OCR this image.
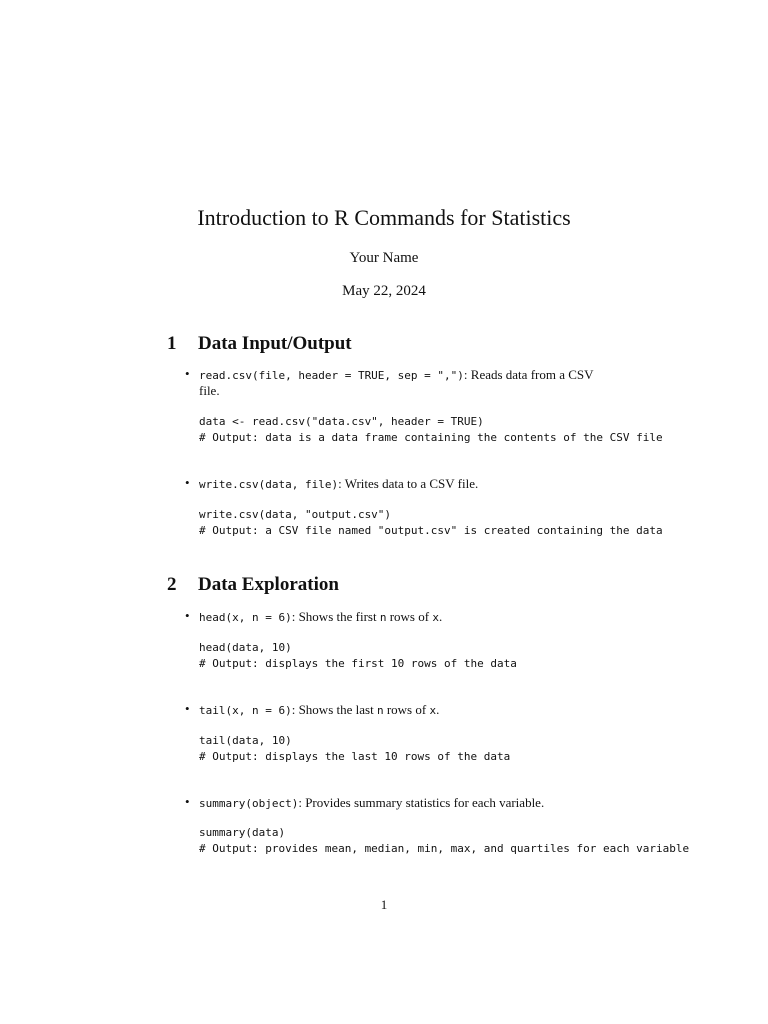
Introduction to R Commands for Statistics
Your Name
May 22, 2024
1 Data Input/Output
• read.csv(file, header = TRUE, sep = ","): Reads data from a CSV
file.
data <- read.csv("data.csv", header = TRUE)
# Output: data is a data frame containing the contents of the CSV file
• write.csv(data, file): Writes data to a CSV file.
write.csv(data, "output.csv")
# Output: a CSV file named "output.csv" is created containing the data
2 Data Exploration
• head(x, n = 6): Shows the first n rows of x.
head(data, 10)
# Output: displays the first 10 rows of the data
• tail(x, n = 6): Shows the last n rows of x.
tail(data, 10)
# Output: displays the last 10 rows of the data
• summary(object): Provides summary statistics for each variable.
summary(data)
# Output: provides mean, median, min, max, and quartiles for each variable
1
